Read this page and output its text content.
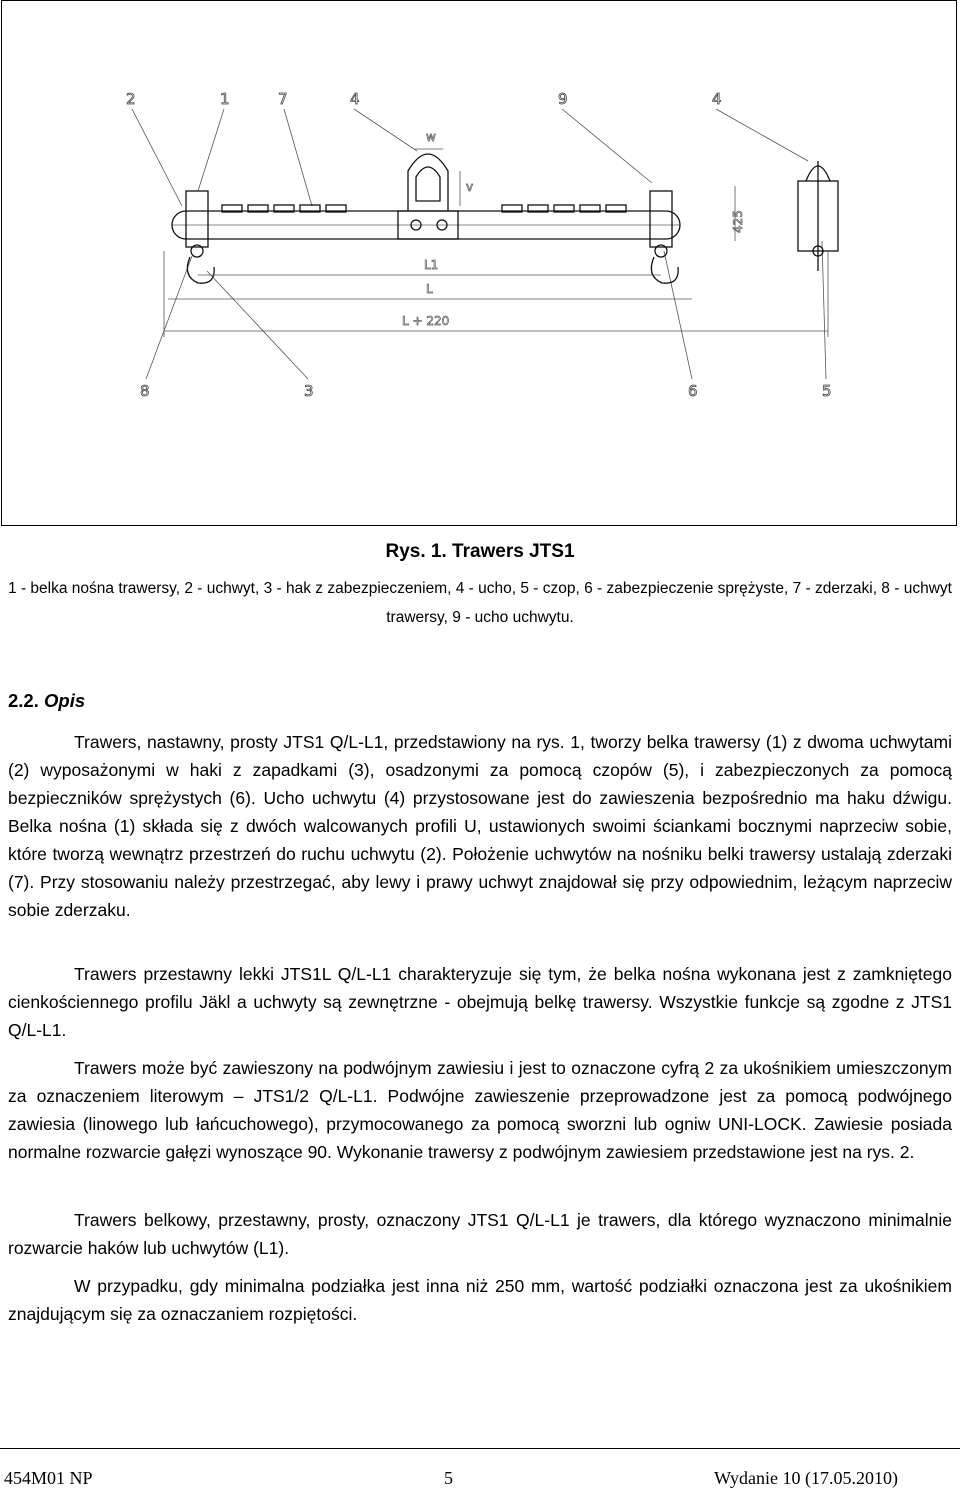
2	1	7	4	9	4
8	3	6	5
L1
L
L + 220
w
v
425
Rys. 1. Trawers JTS1
1 - belka nośna trawersy, 2 - uchwyt, 3 - hak z zabezpieczeniem, 4 - ucho, 5 - czop, 6 - zabezpieczenie sprężyste, 7 - zderzaki, 8 - uchwyt trawersy, 9 - ucho uchwytu.
2.2. Opis
Trawers, nastawny, prosty JTS1 Q/L-L1, przedstawiony na rys. 1, tworzy belka trawersy (1) z dwoma uchwytami (2) wyposażonymi w haki z zapadkami (3), osadzonymi za pomocą czopów (5), i zabezpieczonych za pomocą bezpieczników sprężystych (6). Ucho uchwytu (4) przystosowane jest do zawieszenia bezpośrednio ma haku dźwigu. Belka nośna (1) składa się z dwóch walcowanych profili U, ustawionych swoimi ściankami bocznymi naprzeciw sobie, które tworzą wewnątrz przestrzeń do ruchu uchwytu (2). Położenie uchwytów na nośniku belki trawersy ustalają zderzaki (7). Przy stosowaniu należy przestrzegać, aby lewy i prawy uchwyt znajdował się przy odpowiednim, leżącym naprzeciw sobie zderzaku.
Trawers przestawny lekki JTS1L Q/L-L1 charakteryzuje się tym, że belka nośna wykonana jest z zamkniętego cienkościennego profilu Jäkl a uchwyty są zewnętrzne - obejmują belkę trawersy. Wszystkie funkcje są zgodne z JTS1 Q/L-L1.
Trawers może być zawieszony na podwójnym zawiesiu i jest to oznaczone cyfrą 2 za ukośnikiem umieszczonym za oznaczeniem literowym – JTS1/2 Q/L-L1. Podwójne zawieszenie przeprowadzone jest za pomocą podwójnego zawiesia (linowego lub łańcuchowego), przymocowanego za pomocą sworzni lub ogniw UNI-LOCK. Zawiesie posiada normalne rozwarcie gałęzi wynoszące 90. Wykonanie trawersy z podwójnym zawiesiem przedstawione jest na rys. 2.
Trawers belkowy, przestawny, prosty, oznaczony JTS1 Q/L-L1 je trawers, dla którego wyznaczono minimalnie rozwarcie haków lub uchwytów (L1).
W przypadku, gdy minimalna podziałka jest inna niż 250 mm, wartość podziałki oznaczona jest za ukośnikiem znajdującym się za oznaczaniem rozpiętości.
454M01 NP	5	Wydanie 10 (17.05.2010)
